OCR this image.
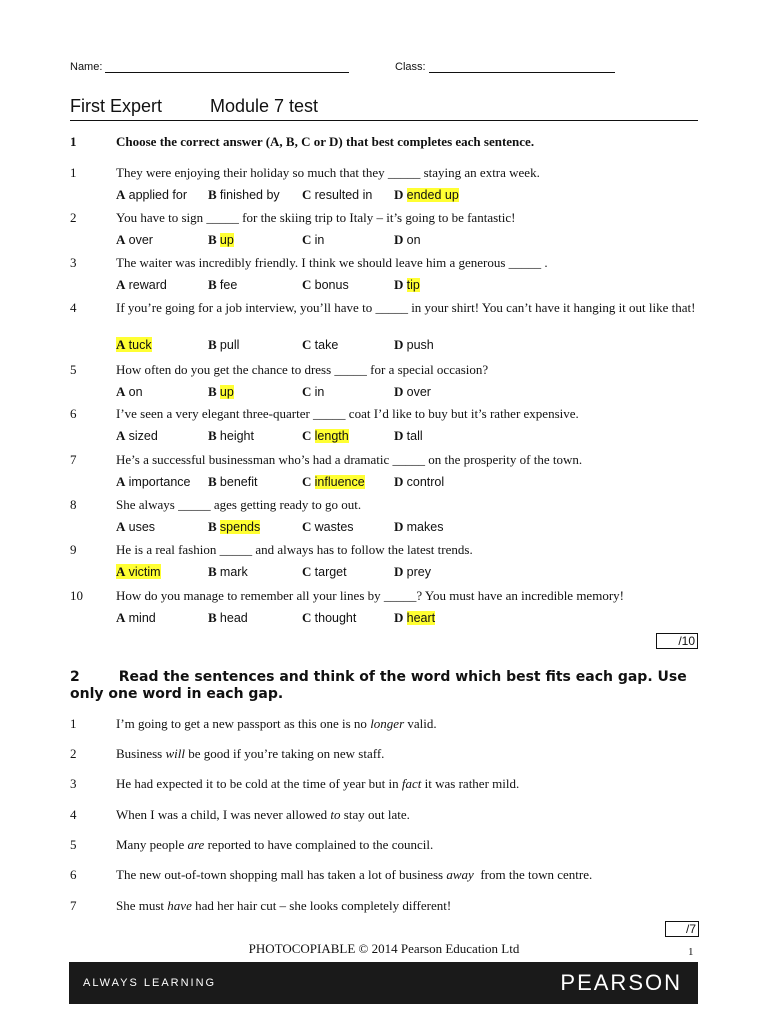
Name:	Class:
First Expert	Module 7 test
1	Choose the correct answer (A, B, C or D) that best completes each sentence.
1	They were enjoying their holiday so much that they _____ staying an extra week.
A applied for B finished by C resulted in D ended up
2	You have to sign _____ for the skiing trip to Italy – it’s going to be fantastic!
A over	B up	C in	D on
3	The waiter was incredibly friendly. I think we should leave him a generous _____ .
A reward	B fee	C bonus	D tip
4	If you’re going for a job interview, you’ll have to _____ in your shirt! You can’t have it hanging it out like that!
A tuck	B pull	C take	D push
5	How often do you get the chance to dress _____ for a special occasion?
A on	B up	C in	D over
6	I’ve seen a very elegant three-quarter _____ coat I’d like to buy but it’s rather expensive.
A sized	B height	C length	D tall
7	He’s a successful businessman who’s had a dramatic _____ on the prosperity of the town.
A importance B benefit	C influence D control
8	She always _____ ages getting ready to go out.
A uses	B spends	C wastes	D makes
9	He is a real fashion _____ and always has to follow the latest trends.
A victim	B mark	C target	D prey
10	How do you manage to remember all your lines by _____? You must have an incredible memory!
A mind	B head	C thought	D heart
/10
2	Read the sentences and think of the word which best fits each gap. Use only one word in each gap.
1	I’m going to get a new passport as this one is no longer valid.
2	Business will be good if you’re taking on new staff.
3	He had expected it to be cold at the time of year but in fact it was rather mild.
4	When I was a child, I was never allowed to stay out late.
5	Many people are reported to have complained to the council.
6	The new out-of-town shopping mall has taken a lot of business away  from the town centre.
7	She must have had her hair cut – she looks completely different!
/7
PHOTOCOPIABLE © 2014 Pearson Education Ltd	1
ALWAYS LEARNING	PEARSON
